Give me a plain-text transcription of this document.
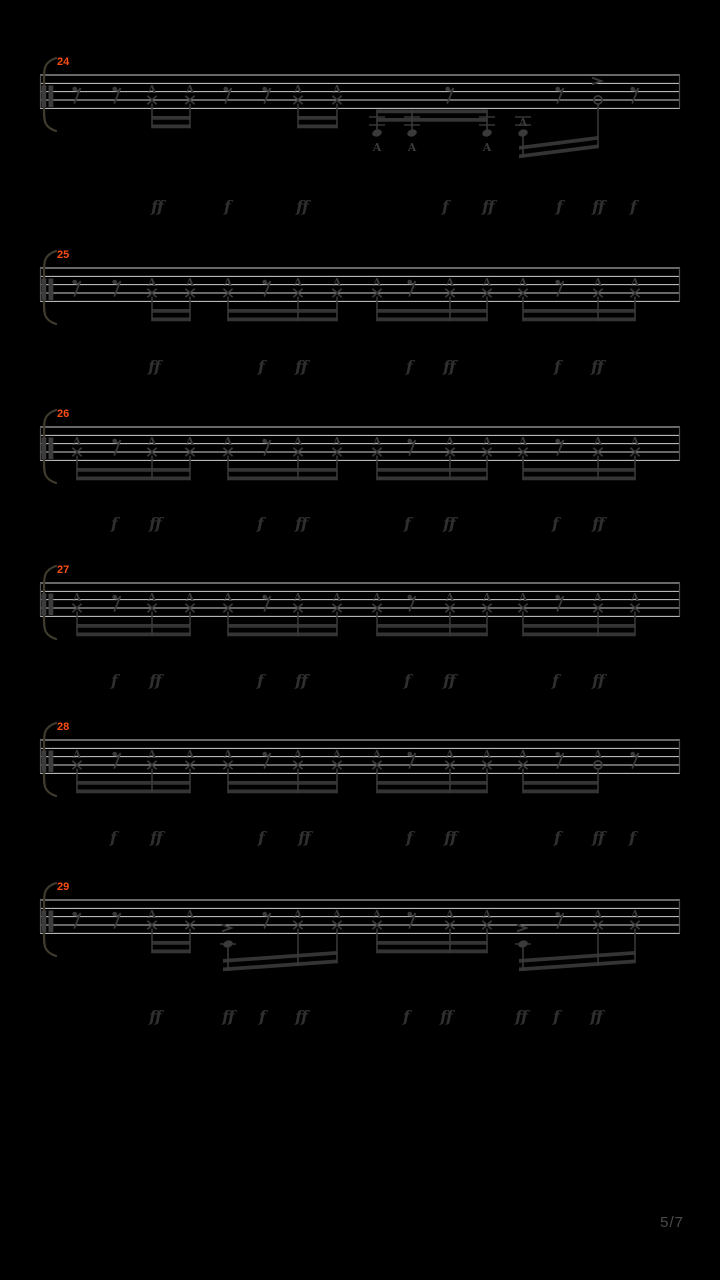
24
A	A	A	A
A A	A
A
ff	f	ff	f ff	f ff f
25
A	A	A	A	A	A	A	A A	A	A
ff	f ff	f ff	f ff
26
A	A	A	A	A	A	A	A	A A	A	A
f ff	f ff	f ff	f ff
27
A	A	A	A	A	A	A	A	A A	A	A
f ff	f ff	f ff	f ff
28
A	A	A	A	A	A	A	A	A A	A
f ff	f ff	f ff	f ff f
29
A	A	A	A	A	A	A	A	A
ff	ff f ff	f ff	ff f ff
5/7
